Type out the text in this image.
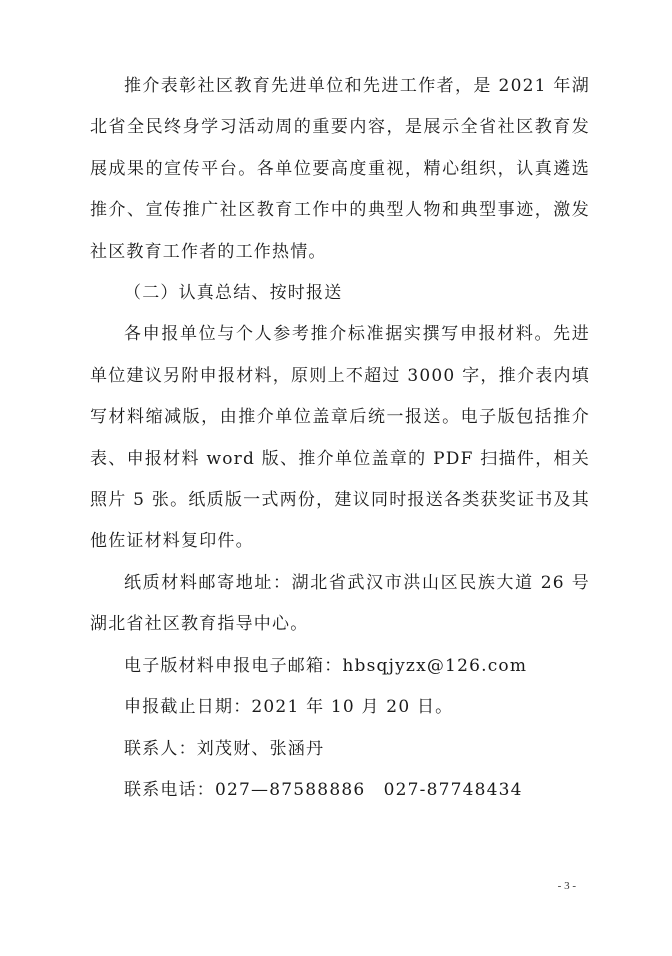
推介表彰社区教育先进单位和先进工作者，是 2021 年湖北省全民终身学习活动周的重要内容，是展示全省社区教育发展成果的宣传平台。各单位要高度重视，精心组织，认真遴选推介、宣传推广社区教育工作中的典型人物和典型事迹，激发社区教育工作者的工作热情。

（二）认真总结、按时报送

各申报单位与个人参考推介标准据实撰写申报材料。先进单位建议另附申报材料，原则上不超过 3000 字，推介表内填写材料缩减版，由推介单位盖章后统一报送。电子版包括推介表、申报材料 word 版、推介单位盖章的 PDF 扫描件，相关照片 5 张。纸质版一式两份，建议同时报送各类获奖证书及其他佐证材料复印件。

纸质材料邮寄地址：湖北省武汉市洪山区民族大道 26 号湖北省社区教育指导中心。

电子版材料申报电子邮箱：hbsqjyzx@126.com

申报截止日期：2021 年 10 月 20 日。

联系人：刘茂财、张涵丹

联系电话：027—87588886　027-87748434

- 3 -
